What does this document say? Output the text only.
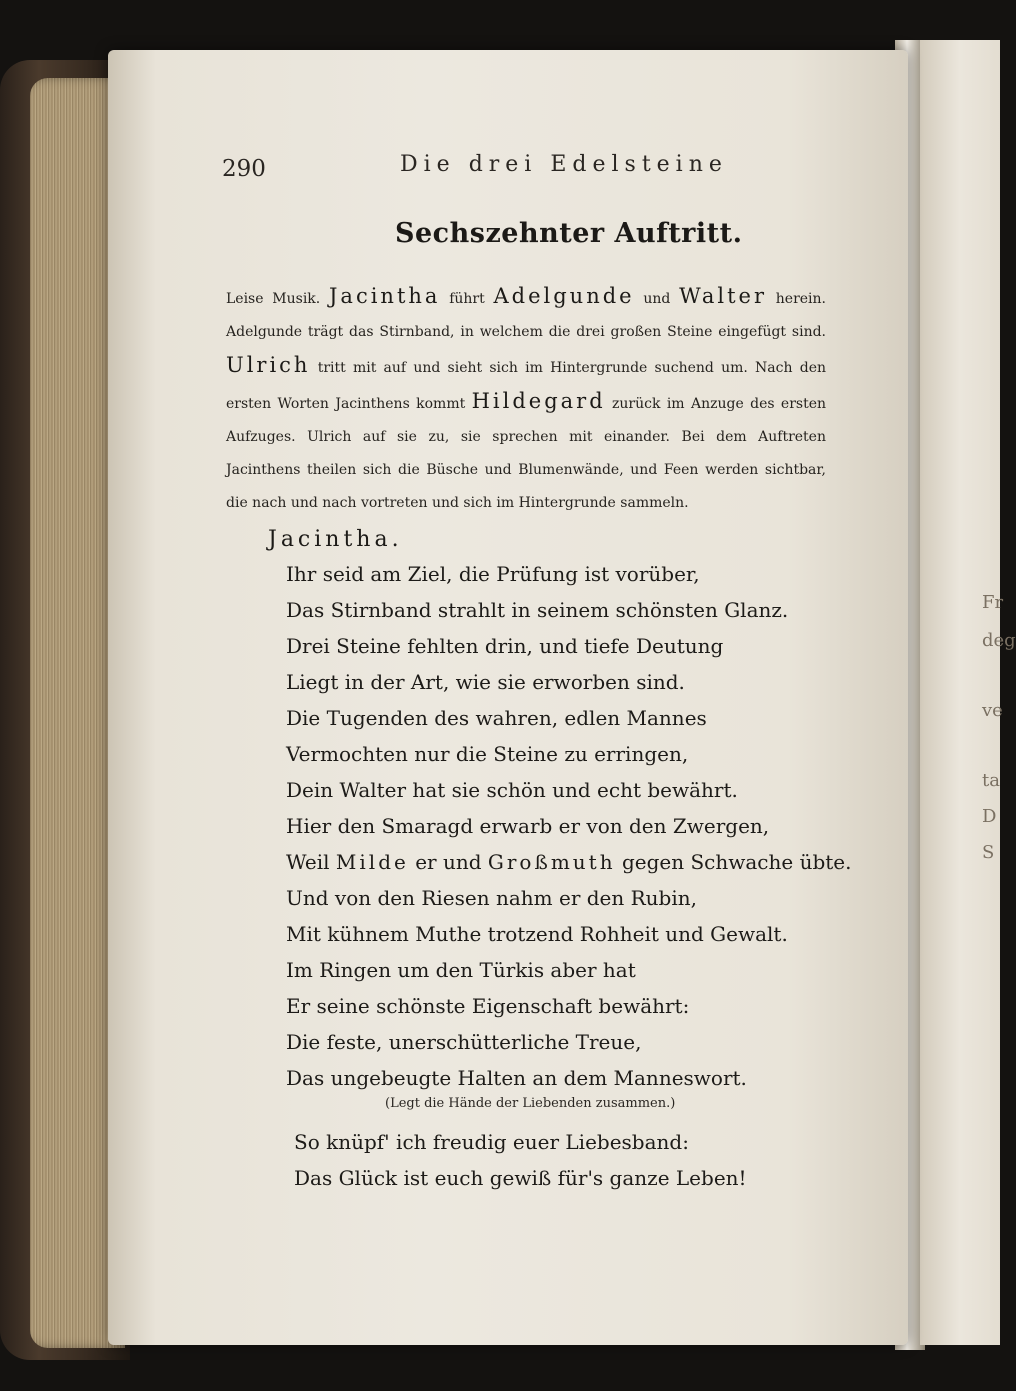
Fr

deg

ve

ta

D

S

290	Die drei Edelsteine

Sechszehnter Auftritt.

Leise Musik. Jacintha führt Adelgunde und Walter herein. Adelgunde trägt das Stirnband, in welchem die drei großen Steine eingefügt sind. Ulrich tritt mit auf und sieht sich im Hintergrunde suchend um. Nach den ersten Worten Jacinthens kommt Hildegard zurück im Anzuge des ersten Aufzuges. Ulrich auf sie zu, sie sprechen mit einander. Bei dem Auftreten Jacinthens theilen sich die Büsche und Blumenwände, und Feen werden sichtbar, die nach und nach vortreten und sich im Hintergrunde sammeln.

Jacintha.

Ihr seid am Ziel, die Prüfung ist vorüber,
Das Stirnband strahlt in seinem schönsten Glanz.
Drei Steine fehlten drin, und tiefe Deutung
Liegt in der Art, wie sie erworben sind.
Die Tugenden des wahren, edlen Mannes
Vermochten nur die Steine zu erringen,
Dein Walter hat sie schön und echt bewährt.
Hier den Smaragd erwarb er von den Zwergen,
Weil Milde er und Großmuth gegen Schwache übte.
Und von den Riesen nahm er den Rubin,
Mit kühnem Muthe trotzend Rohheit und Gewalt.
Im Ringen um den Türkis aber hat
Er seine schönste Eigenschaft bewährt:
Die feste, unerschütterliche Treue,
Das ungebeugte Halten an dem Manneswort.

(Legt die Hände der Liebenden zusammen.)

So knüpf' ich freudig euer Liebesband:
Das Glück ist euch gewiß für's ganze Leben!
